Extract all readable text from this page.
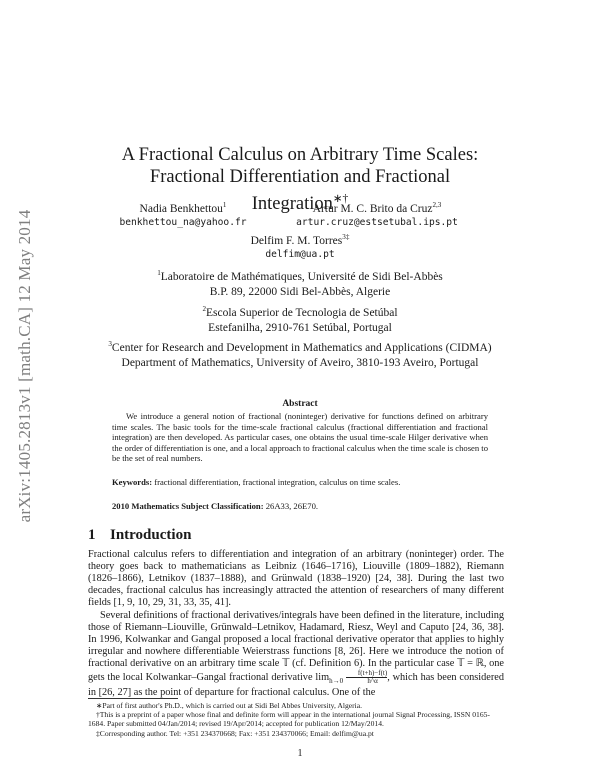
arXiv:1405.2813v1 [math.CA] 12 May 2014
A Fractional Calculus on Arbitrary Time Scales:
Fractional Differentiation and Fractional Integration∗†
Nadia Benkhettou$^1$
benkhettou_na@yahoo.fr
Artur M. C. Brito da Cruz$^{2,3}$
artur.cruz@estsetubal.ips.pt
Delfim F. M. Torres$^{3\ddagger}$
delfim@ua.pt
$^1$Laboratoire de Mathématiques, Université de Sidi Bel-Abbès
B.P. 89, 22000 Sidi Bel-Abbès, Algerie
$^2$Escola Superior de Tecnologia de Setúbal
Estefanilha, 2910-761 Setúbal, Portugal
$^3$Center for Research and Development in Mathematics and Applications (CIDMA)
Department of Mathematics, University of Aveiro, 3810-193 Aveiro, Portugal
Abstract
We introduce a general notion of fractional (noninteger) derivative for functions defined on arbitrary time scales. The basic tools for the time-scale fractional calculus (fractional differentiation and fractional integration) are then developed. As particular cases, one obtains the usual time-scale Hilger derivative when the order of differentiation is one, and a local approach to fractional calculus when the time scale is chosen to be the set of real numbers.
Keywords: fractional differentiation, fractional integration, calculus on time scales.
2010 Mathematics Subject Classification: 26A33, 26E70.
1 Introduction
Fractional calculus refers to differentiation and integration of an arbitrary (noninteger) order. The theory goes back to mathematicians as Leibniz (1646–1716), Liouville (1809–1882), Riemann (1826–1866), Letnikov (1837–1888), and Grünwald (1838–1920) [24, 38]. During the last two decades, fractional calculus has increasingly attracted the attention of researchers of many different fields [1, 9, 10, 29, 31, 33, 35, 41].
Several definitions of fractional derivatives/integrals have been defined in the literature, including those of Riemann–Liouville, Grünwald–Letnikov, Hadamard, Riesz, Weyl and Caputo [24, 36, 38]. In 1996, Kolwankar and Gangal proposed a local fractional derivative operator that applies to highly irregular and nowhere differentiable Weierstrass functions [8, 26]. Here we introduce the notion of fractional derivative on an arbitrary time scale 𝕋 (cf. Definition 6). In the particular case 𝕋 = ℝ, one gets the local Kolwankar–Gangal fractional derivative $\lim_{h\to 0} \frac{f(t+h)-f(t)}{h\^{}\alpha}$ , which has been considered in [26, 27] as the point of departure for fractional calculus. One of the
∗Part of first author's Ph.D., which is carried out at Sidi Bel Abbes University, Algeria.
†This is a preprint of a paper whose final and definite form will appear in the international journal Signal Processing, ISSN 0165-1684. Paper submitted 04/Jan/2014; revised 19/Apr/2014; accepted for publication 12/May/2014.
‡Corresponding author. Tel: +351 234370668; Fax: +351 234370066; Email: delfim@ua.pt
1
